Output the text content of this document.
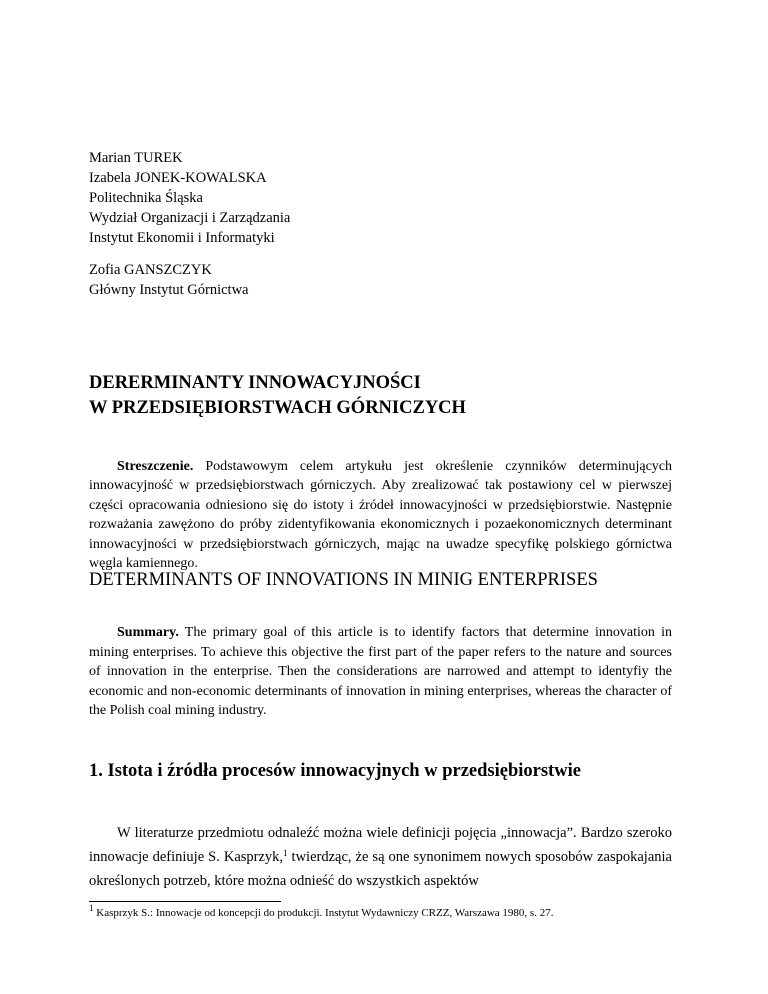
Marian TUREK
Izabela JONEK-KOWALSKA
Politechnika Śląska
Wydział Organizacji i Zarządzania
Instytut Ekonomii i Informatyki
Zofia GANSZCZYK
Główny Instytut Górnictwa
DERERMINANTY INNOWACYJNOŚCI
W PRZEDSIĘBIORSTWACH GÓRNICZYCH

Streszczenie. Podstawowym celem artykułu jest określenie czynników determinujących innowacyjność w przedsiębiorstwach górniczych. Aby zrealizować tak postawiony cel w pierwszej części opracowania odniesiono się do istoty i źródeł innowacyjności w przedsiębiorstwie. Następnie rozważania zawężono do próby zidentyfikowania ekonomicznych i pozaekonomicznych determinant innowacyjności w przedsiębiorstwach górniczych, mając na uwadze specyfikę polskiego górnictwa węgla kamiennego.

DETERMINANTS OF INNOVATIONS IN MINIG ENTERPRISES

Summary. The primary goal of this article is to identify factors that determine innovation in mining enterprises. To achieve this objective the first part of the paper refers to the nature and sources of innovation in the enterprise. Then the considerations are narrowed and attempt to identyfiy the economic and non-economic determinants of innovation in mining enterprises, whereas the character of the Polish coal mining industry.

1. Istota i źródła procesów innowacyjnych w przedsiębiorstwie

W literaturze przedmiotu odnaleźć można wiele definicji pojęcia „innowacja”. Bardzo szeroko innowacje definiuje S. Kasprzyk,$^1$ twierdząc, że są one synonimem nowych sposobów zaspokajania określonych potrzeb, które można odnieść do wszystkich aspektów

$^1$ Kasprzyk S.: Innowacje od koncepcji do produkcji. Instytut Wydawniczy CRZZ, Warszawa 1980, s. 27.
